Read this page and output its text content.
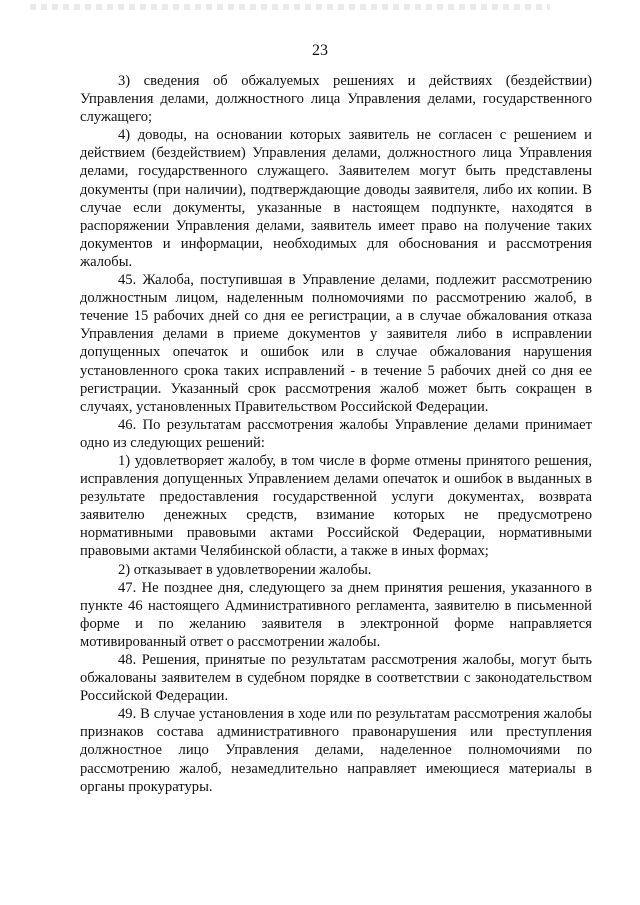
23

3) сведения об обжалуемых решениях и действиях (бездействии) Управления делами, должностного лица Управления делами, государственного служащего;

4) доводы, на основании которых заявитель не согласен с решением и действием (бездействием) Управления делами, должностного лица Управления делами, государственного служащего. Заявителем могут быть представлены документы (при наличии), подтверждающие доводы заявителя, либо их копии. В случае если документы, указанные в настоящем подпункте, находятся в распоряжении Управления делами, заявитель имеет право на получение таких документов и информации, необходимых для обоснования и рассмотрения жалобы.

45. Жалоба, поступившая в Управление делами, подлежит рассмотрению должностным лицом, наделенным полномочиями по рассмотрению жалоб, в течение 15 рабочих дней со дня ее регистрации, а в случае обжалования отказа Управления делами в приеме документов у заявителя либо в исправлении допущенных опечаток и ошибок или в случае обжалования нарушения установленного срока таких исправлений - в течение 5 рабочих дней со дня ее регистрации. Указанный срок рассмотрения жалоб может быть сокращен в случаях, установленных Правительством Российской Федерации.

46. По результатам рассмотрения жалобы Управление делами принимает одно из следующих решений:

1) удовлетворяет жалобу, в том числе в форме отмены принятого решения, исправления допущенных Управлением делами опечаток и ошибок в выданных в результате предоставления государственной услуги документах, возврата заявителю денежных средств, взимание которых не предусмотрено нормативными правовыми актами Российской Федерации, нормативными правовыми актами Челябинской области, а также в иных формах;

2) отказывает в удовлетворении жалобы.

47. Не позднее дня, следующего за днем принятия решения, указанного в пункте 46 настоящего Административного регламента, заявителю в письменной форме и по желанию заявителя в электронной форме направляется мотивированный ответ о рассмотрении жалобы.

48. Решения, принятые по результатам рассмотрения жалобы, могут быть обжалованы заявителем в судебном порядке в соответствии с законодательством Российской Федерации.

49. В случае установления в ходе или по результатам рассмотрения жалобы признаков состава административного правонарушения или преступления должностное лицо Управления делами, наделенное полномочиями по рассмотрению жалоб, незамедлительно направляет имеющиеся материалы в органы прокуратуры.
